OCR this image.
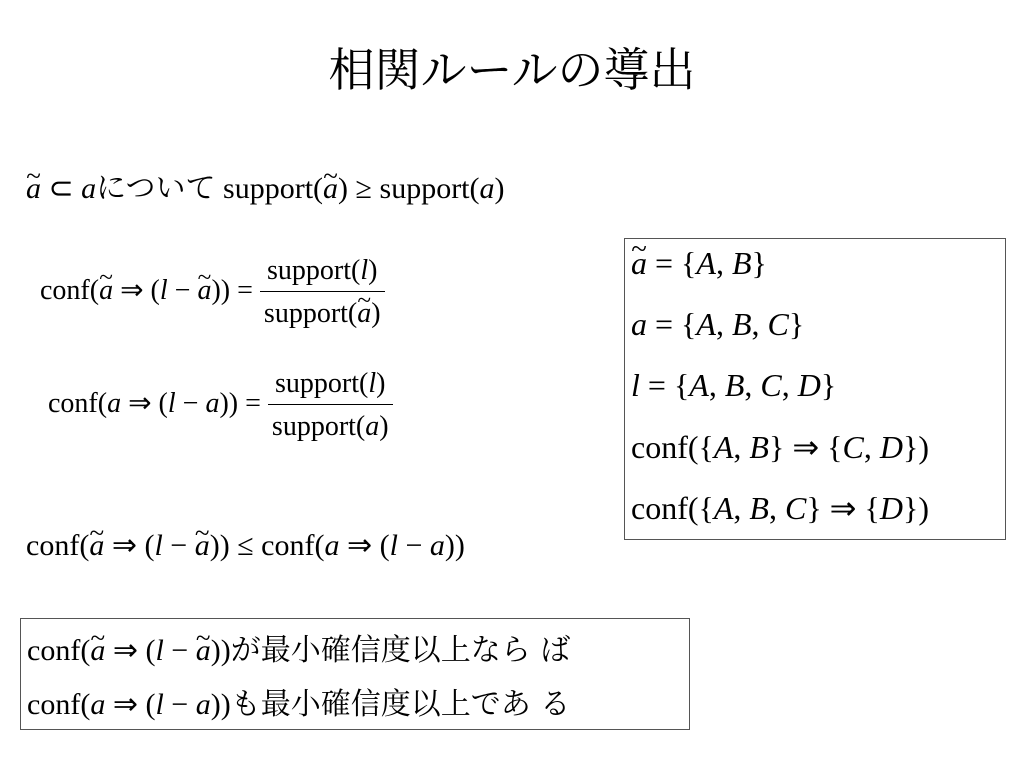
相関ルールの導出
~ a ⊂ aについて support(~ a) ≥ support(a)
conf(~ a ⇒ (l − ~ $a)) = \frac{\text{support(l)}}{\text{support(\textasciitilde{} a)}}$
conf(a ⇒ $(l - a)) = \frac{\text{support(l)}}{\text{support(a)}}$
conf(~ a ⇒ (l − ~ a)) ≤ conf(a ⇒ (l − a))
~ a = {A, B}
a = {A, B, C}
l = {A, B, C, D}
conf({A, B} ⇒ {C, D})
conf({A, B, C} ⇒ {D})
conf(~ a ⇒ (l − ~ a))が最小確信度以上なら ば
conf(a ⇒ (l − a))も最小確信度以上であ る
